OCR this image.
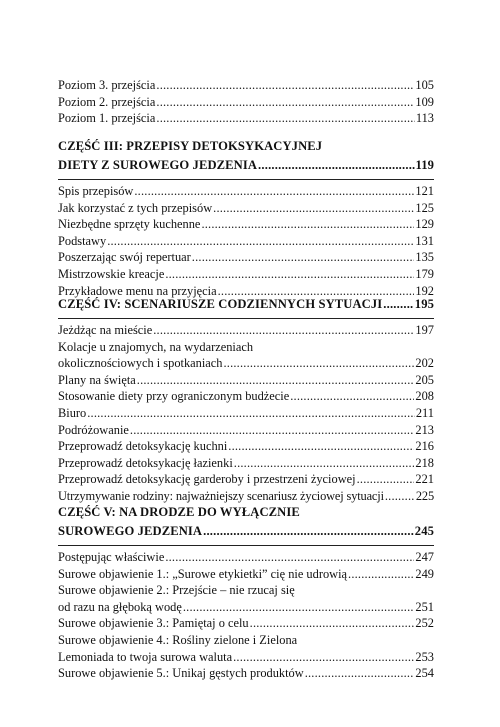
Poziom 3. przejścia .....	105
Poziom 2. przejścia .....	109
Poziom 1. przejścia .....	113
CZĘŚĆ III: PRZEPISY DETOKSYKACYJNEJ
DIETY Z SUROWEGO JEDZENIA .....	119
Spis przepisów .....	121
Jak korzystać z tych przepisów .....	125
Niezbędne sprzęty kuchenne .....	129
Podstawy .....	131
Poszerzając swój repertuar .....	135
Mistrzowskie kreacje .....	179
Przykładowe menu na przyjęcia .....	192
CZĘŚĆ IV: SCENARIUSZE CODZIENNYCH SYTUACJI .....	195
Jeżdżąc na mieście .....	197
Kolacje u znajomych, na wydarzeniach
okolicznościowych i spotkaniach .....	202
Plany na święta .....	205
Stosowanie diety przy ograniczonym budżecie .....	208
Biuro .....	211
Podróżowanie .....	213
Przeprowadź detoksykację kuchni .....	216
Przeprowadź detoksykację łazienki .....	218
Przeprowadź detoksykację garderoby i przestrzeni życiowej .....	221
Utrzymywanie rodziny: najważniejszy scenariusz życiowej sytuacji .....	225
CZĘŚĆ V: NA DRODZE DO WYŁĄCZNIE
SUROWEGO JEDZENIA .....	245
Postępując właściwie .....	247
Surowe objawienie 1.: „Surowe etykietki” cię nie udrowią .....	249
Surowe objawienie 2.: Przejście – nie rzucaj się
od razu na głęboką wodę .....	251
Surowe objawienie 3.: Pamiętaj o celu .....	252
Surowe objawienie 4.: Rośliny zielone i Zielona
Lemoniada to twoja surowa waluta .....	253
Surowe objawienie 5.: Unikaj gęstych produktów .....	254
